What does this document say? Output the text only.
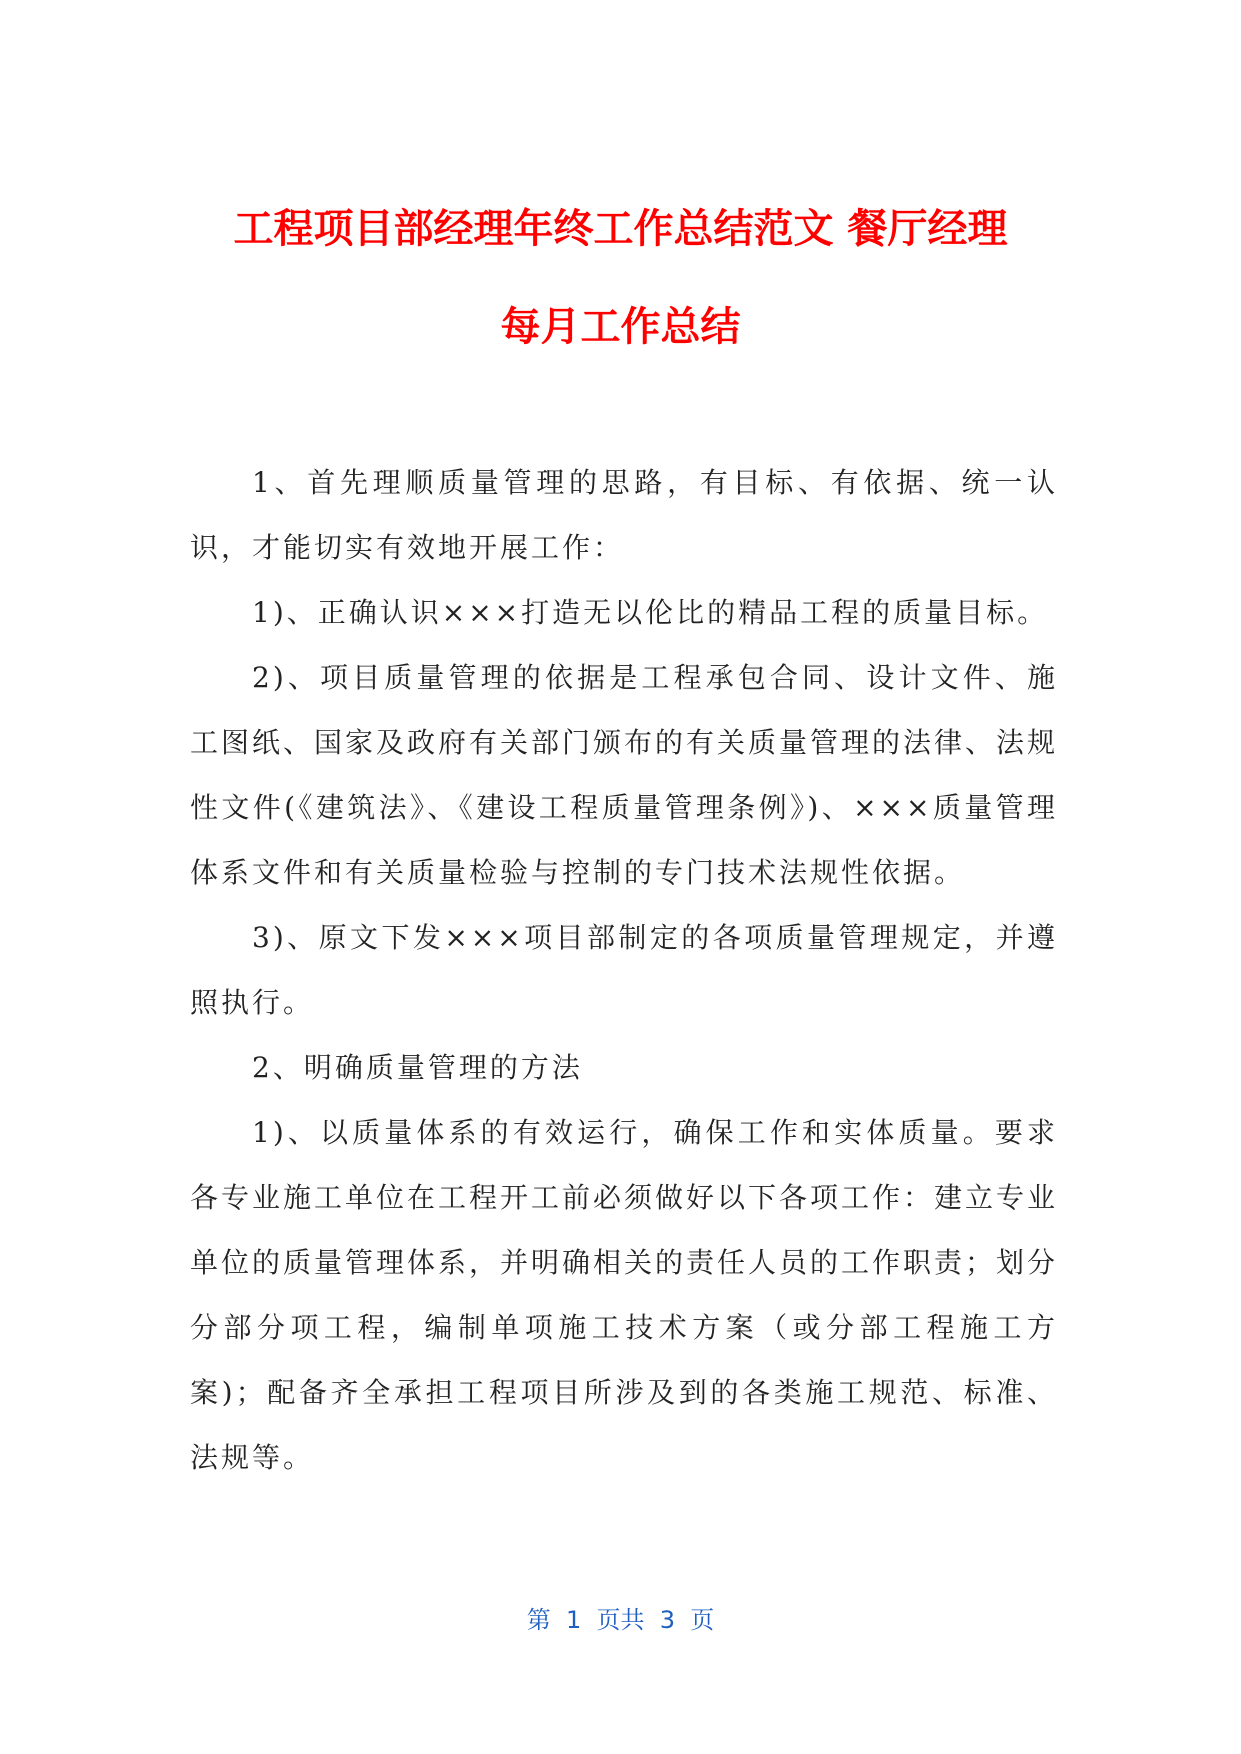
工程项目部经理年终工作总结范文 餐厅经理
每月工作总结

1、首先理顺质量管理的思路，有目标、有依据、统一认识，才能切实有效地开展工作：

1)、正确认识×××打造无以伦比的精品工程的质量目标。

2)、项目质量管理的依据是工程承包合同、设计文件、施工图纸、国家及政府有关部门颁布的有关质量管理的法律、法规性文件(《建筑法》、《建设工程质量管理条例》)、×××质量管理体系文件和有关质量检验与控制的专门技术法规性依据。

3)、原文下发×××项目部制定的各项质量管理规定，并遵照执行。

2、明确质量管理的方法

1)、以质量体系的有效运行，确保工作和实体质量。要求各专业施工单位在工程开工前必须做好以下各项工作：建立专业单位的质量管理体系，并明确相关的责任人员的工作职责；划分分部分项工程，编制单项施工技术方案（或分部工程施工方案)；配备齐全承担工程项目所涉及到的各类施工规范、标准、法规等。

第  1  页共  3  页
